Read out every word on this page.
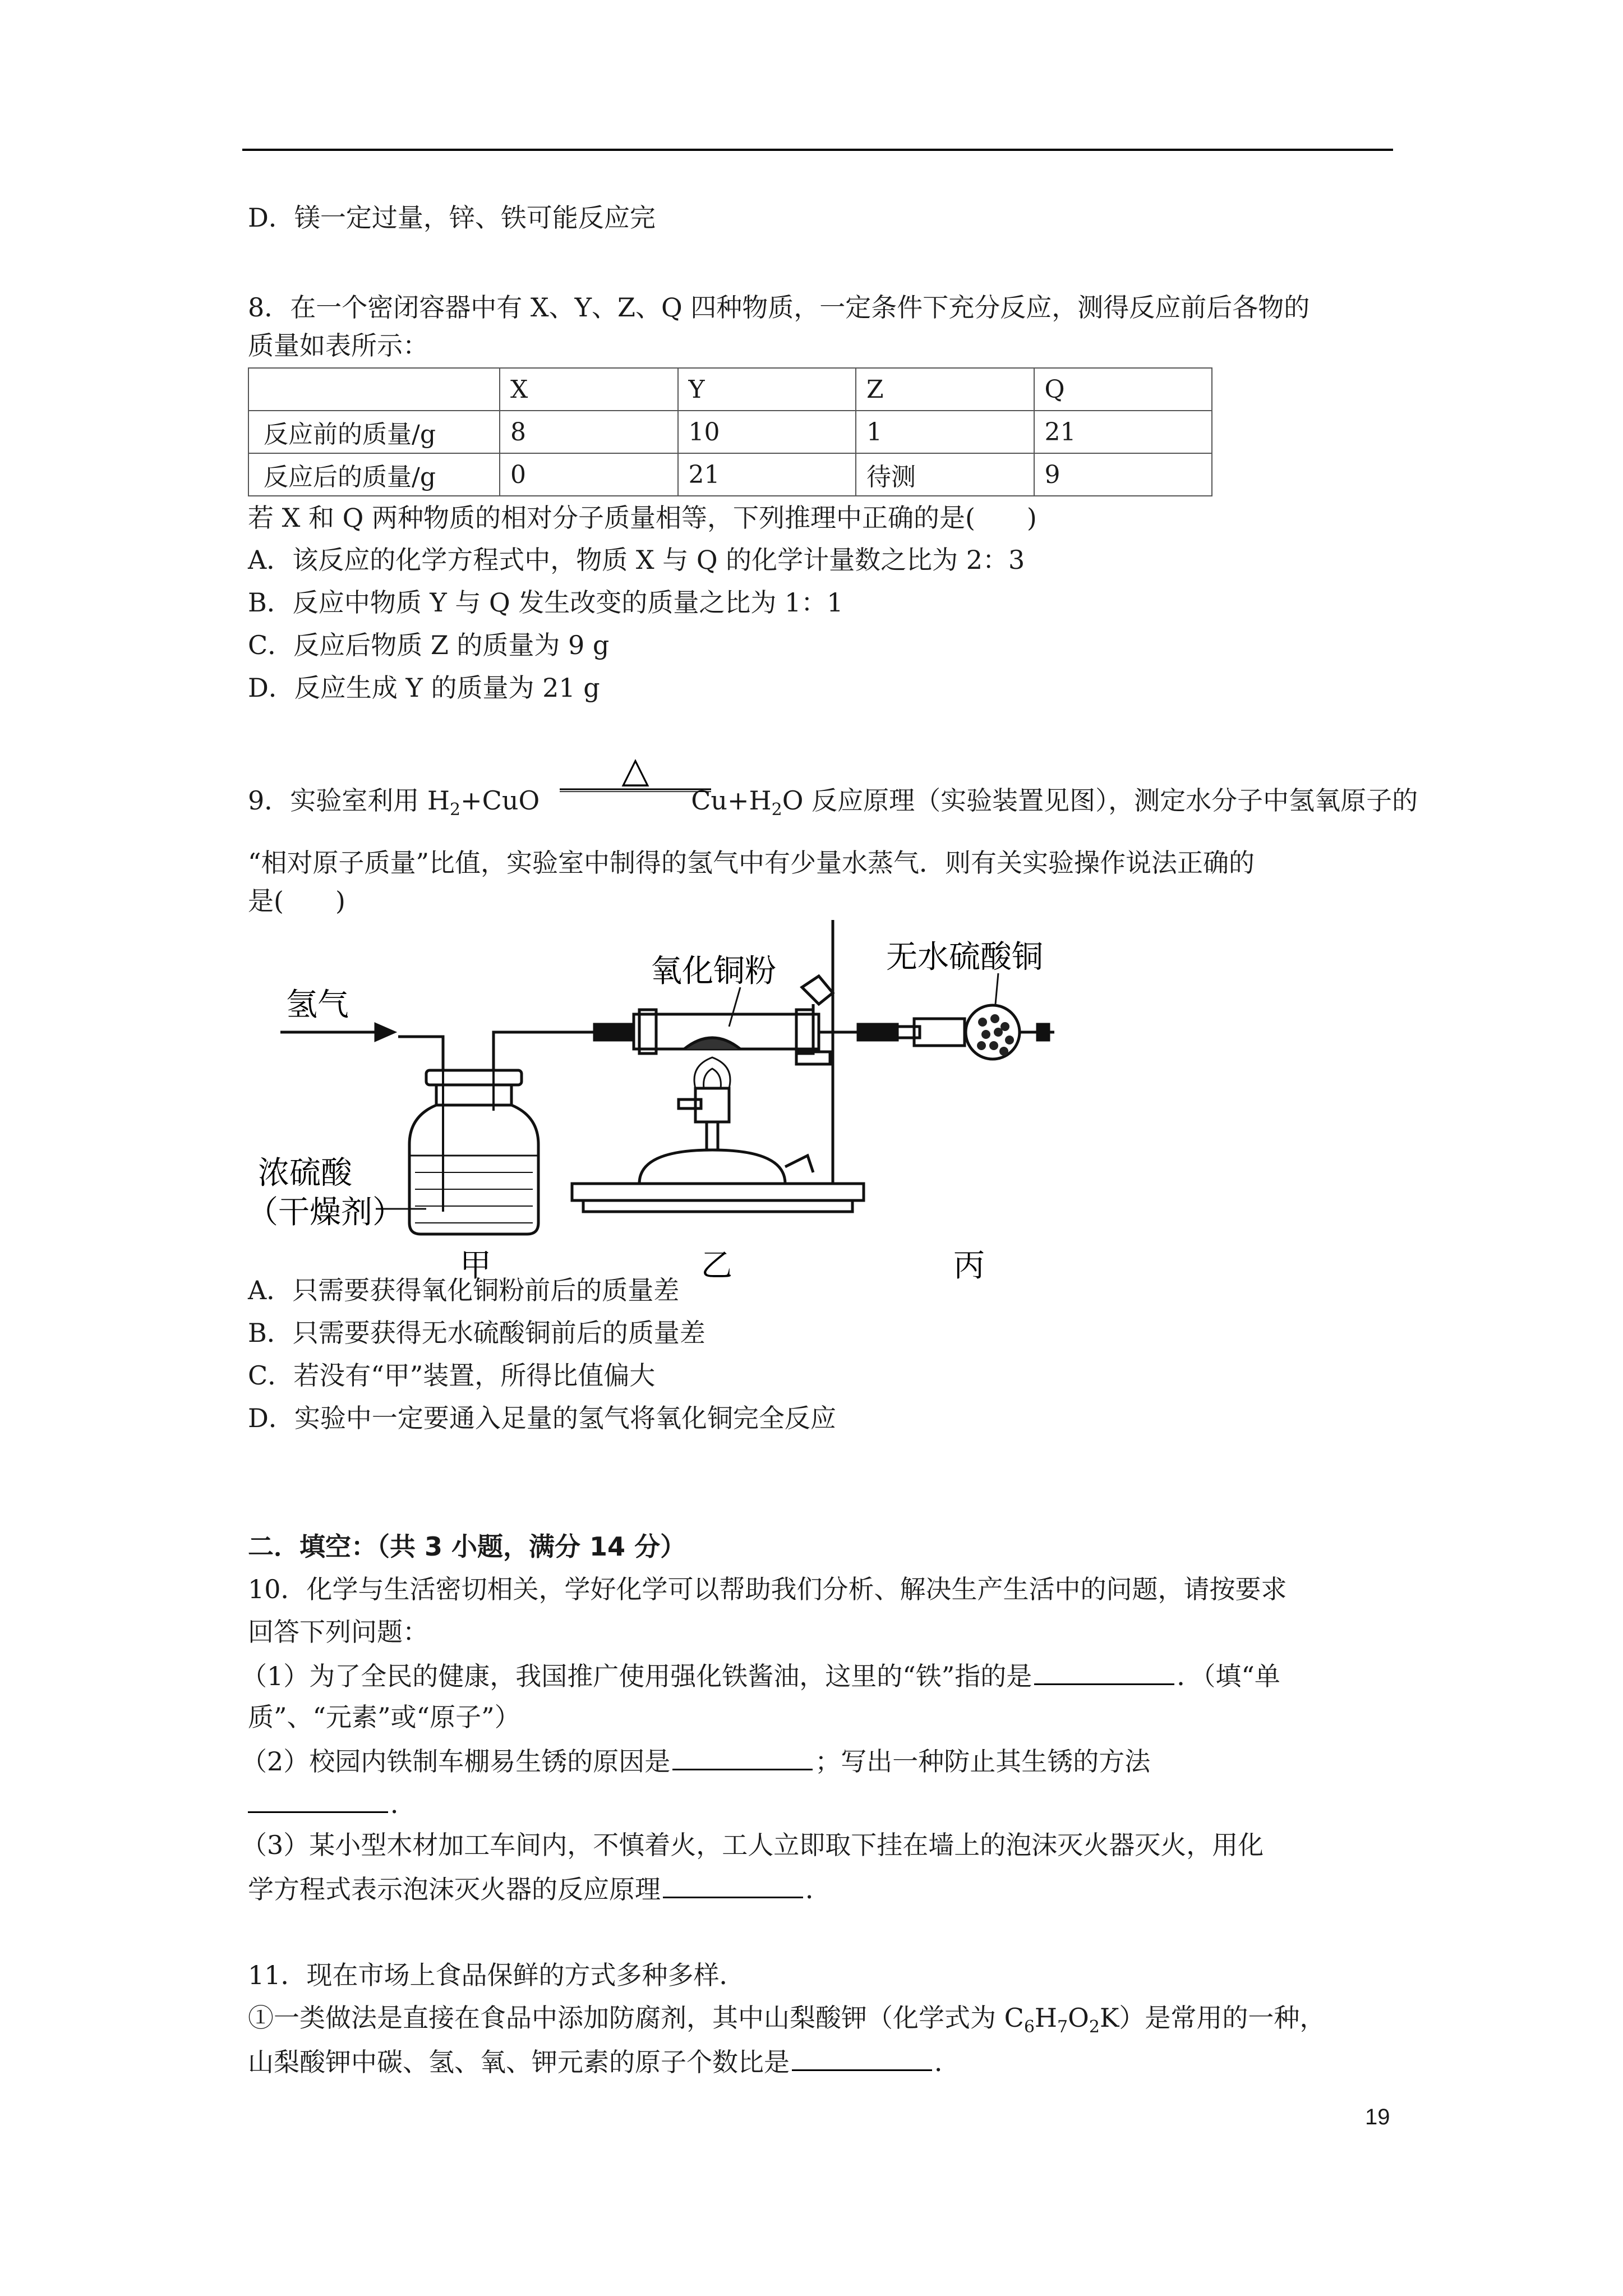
D．镁一定过量，锌、铁可能反应完
8．在一个密闭容器中有 X、Y、Z、Q 四种物质，一定条件下充分反应，测得反应前后各物的
质量如表所示：
	X	Y	Z	Q
反应前的质量/g	8	10	1	21
反应后的质量/g	0	21	待测	9
若 X 和 Q 两种物质的相对分子质量相等，下列推理中正确的是(　　)
A．该反应的化学方程式中，物质 X 与 Q 的化学计量数之比为 2：3
B．反应中物质 Y 与 Q 发生改变的质量之比为 1：1
C．反应后物质 Z 的质量为 9 g
D．反应生成 Y 的质量为 21 g
9．实验室利用 $H_2+CuO$	$Cu+H_2O$ 反应原理（实验装置见图），测定水分子中氢氧原子的
△
“相对原子质量”比值，实验室中制得的氢气中有少量水蒸气．则有关实验操作说法正确的
是(　　)
氢气
浓硫酸
（干燥剂）
氧化铜粉	无水硫酸铜
甲	乙	丙
A．只需要获得氧化铜粉前后的质量差
B．只需要获得无水硫酸铜前后的质量差
C．若没有“甲”装置，所得比值偏大
D．实验中一定要通入足量的氢气将氧化铜完全反应
二．填空：（共 3 小题，满分 14 分）
10．化学与生活密切相关，学好化学可以帮助我们分析、解决生产生活中的问题，请按要求
回答下列问题：
（1）为了全民的健康，我国推广使用强化铁酱油，这里的“铁”指的是	．（填“单
质”、“元素”或“原子”）
（2）校园内铁制车棚易生锈的原因是	；写出一种防止其生锈的方法
．
（3）某小型木材加工车间内，不慎着火，工人立即取下挂在墙上的泡沫灭火器灭火，用化
学方程式表示泡沫灭火器的反应原理	．
11．现在市场上食品保鲜的方式多种多样．
①一类做法是直接在食品中添加防腐剂，其中山梨酸钾（化学式为 $C_6H_7O_2K$）是常用的一种，
山梨酸钾中碳、氢、氧、钾元素的原子个数比是	．
19
